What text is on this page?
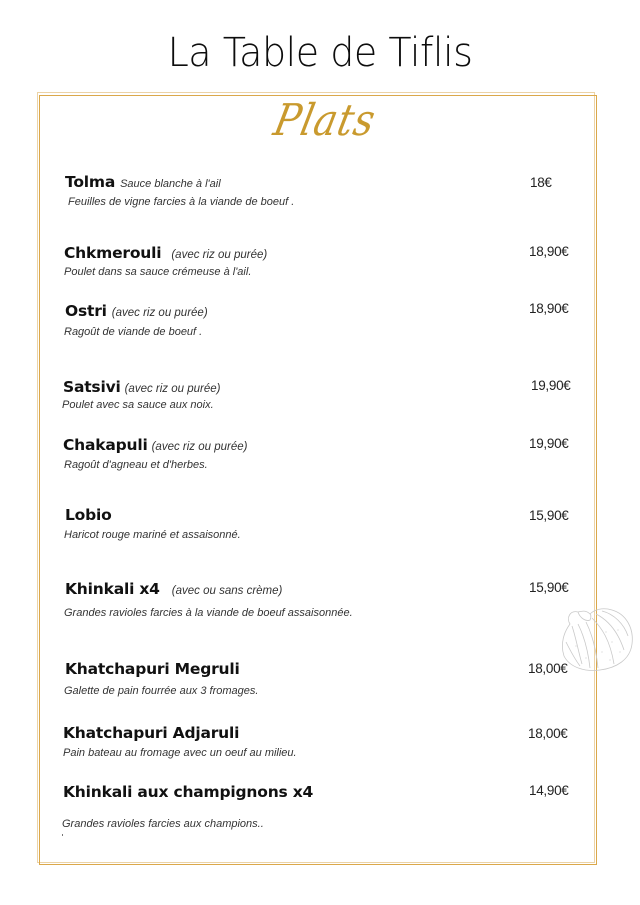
La Table de Tiflis
Plats
Tolma Sauce blanche à l'ail
Feuilles de vigne farcies à la viande de boeuf .
18€
Chkmerouli (avec riz ou purée)
Poulet dans sa sauce crémeuse à l'ail.
18,90€
Ostri (avec riz ou purée)
Ragoût de viande de boeuf .
18,90€
Satsivi (avec riz ou purée)
Poulet avec sa sauce aux noix.
19,90€
Chakapuli (avec riz ou purée)
Ragoût d'agneau et d'herbes.
19,90€
Lobio
Haricot rouge mariné et assaisonné.
15,90€
Khinkali x4 (avec ou sans crème)
Grandes ravioles farcies à la viande de boeuf assaisonnée.
15,90€
Khatchapuri Megruli
Galette de pain fourrée aux 3 fromages.
18,00€
Khatchapuri Adjaruli
Pain bateau au fromage avec un oeuf au milieu.
18,00€
Khinkali aux champignons x4
Grandes ravioles farcies aux champions..
14,90€
